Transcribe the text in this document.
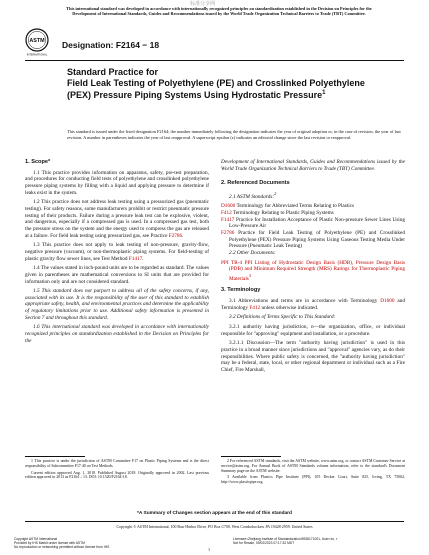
标准分享网
This international standard was developed in accordance with internationally recognized principles on standardization established in the Decision on Principles for the Development of International Standards, Guides and Recommendations issued by the World Trade Organization Technical Barriers to Trade (TBT) Committee.
ASTM
INTERNATIONAL
Designation: F2164 − 18
Standard Practice for
Field Leak Testing of Polyethylene (PE) and Crosslinked Polyethylene (PEX) Pressure Piping Systems Using Hydrostatic Pressure$^1$
This standard is issued under the fixed designation F2164; the number immediately following the designation indicates the year of original adoption or, in the case of revision, the year of last revision. A number in parentheses indicates the year of last reapproval. A superscript epsilon (ε) indicates an editorial change since the last revision or reapproval.

1. Scope*

1.1 This practice provides information on apparatus, safety, pre-test preparation, and procedures for conducting field tests of polyethylene and crosslinked polyethylene pressure piping systems by filling with a liquid and applying pressure to determine if leaks exist in the system.

1.2 This practice does not address leak testing using a pressurized gas (pneumatic testing). For safety reasons, some manufacturers prohibit or restrict pneumatic pressure testing of their products. Failure during a pressure leak test can be explosive, violent, and dangerous, especially if a compressed gas is used. In a compressed gas test, both the pressure stress on the system and the energy used to compress the gas are released at a failure. For field leak testing using pressurized gas, see Practice F2786.

1.3 This practice does not apply to leak testing of non-pressure, gravity-flow, negative pressure (vacuum), or non-thermoplastic piping systems. For field-testing of plastic gravity flow sewer lines, see Test Method F1417.

1.4 The values stated in inch-pound units are to be regarded as standard. The values given in parentheses are mathematical conversions to SI units that are provided for information only and are not considered standard.

1.5 This standard does not purport to address all of the safety concerns, if any, associated with its use. It is the responsibility of the user of this standard to establish appropriate safety, health, and environmental practices and determine the applicability of regulatory limitations prior to use. Additional safety information is presented in Section 7 and throughout this standard.

1.6 This international standard was developed in accordance with internationally recognized principles on standardization established in the Decision on Principles for the

Development of International Standards, Guides and Recommendations issued by the World Trade Organization Technical Barriers to Trade (TBT) Committee.

2. Referenced Documents

2.1 ASTM Standards:$^2$

D1600 Terminology for Abbreviated Terms Relating to Plastics

F412 Terminology Relating to Plastic Piping Systems

F1417 Practice for Installation Acceptance of Plastic Non-pressure Sewer Lines Using Low-Pressure Air

F2786 Practice for Field Leak Testing of Polyethylene (PE) and Crosslinked Polyethylene (PEX) Pressure Piping Systems Using Gaseous Testing Media Under Pressure (Pneumatic Leak Testing)

2.2 Other Documents:

PPI TR-4 PPI Listing of Hydrostatic Design Basis (HDB), Pressure Design Basis (PDB) and Minimum Required Strength (MRS) Ratings for Thermoplastic Piping Materials$^3$

3. Terminology

3.1 Abbreviations and terms are in accordance with Terminology D1600 and Terminology F412 unless otherwise indicated.

3.2 Definitions of Terms Specific to This Standard:

3.2.1 authority having jurisdiction, n—the organization, office, or individual responsible for "approving" equipment and installation, or a procedure.

3.2.1.1 Discussion—The term "authority having jurisdiction" is used in this practice in a broad manner since jurisdictions and "approval" agencies vary, as do their responsibilities. Where public safety is concerned, the "authority having jurisdiction" may be a federal, state, local, or other regional department or individual such as a Fire Chief, Fire Marshall,

1 This practice is under the jurisdiction of ASTM Committee F17 on Plastic Piping Systems and is the direct responsibility of Subcommittee F17.40 on Test Methods.

Current edition approved Aug. 1, 2018. Published August 2018. Originally approved in 2002. Last previous edition approved in 2013 as F2164 – 13. DOI: 10.1520/F2164-18.

2 For referenced ASTM standards, visit the ASTM website, www.astm.org, or contact ASTM Customer Service at service@astm.org. For Annual Book of ASTM Standards volume information, refer to the standard's Document Summary page on the ASTM website.

3 Available from Plastics Pipe Institute (PPI), 105 Decker Court, Suite 825, Irving, TX 75062, http://www.plasticpipe.org.

*A Summary of Changes section appears at the end of this standard
Copyright © ASTM International, 100 Barr Harbor Drive, PO Box C700, West Conshohocken, PA 19428-2959. United States
Copyright ASTM International
Provided by IHS Markit under license with ASTM
No reproduction or networking permitted without license from IHS	1
Licensee=Zhejiang Institute of Standardization/5938171001, User=xx, r
Not for Resale, 09/02/2023 07:17:32 MDT
